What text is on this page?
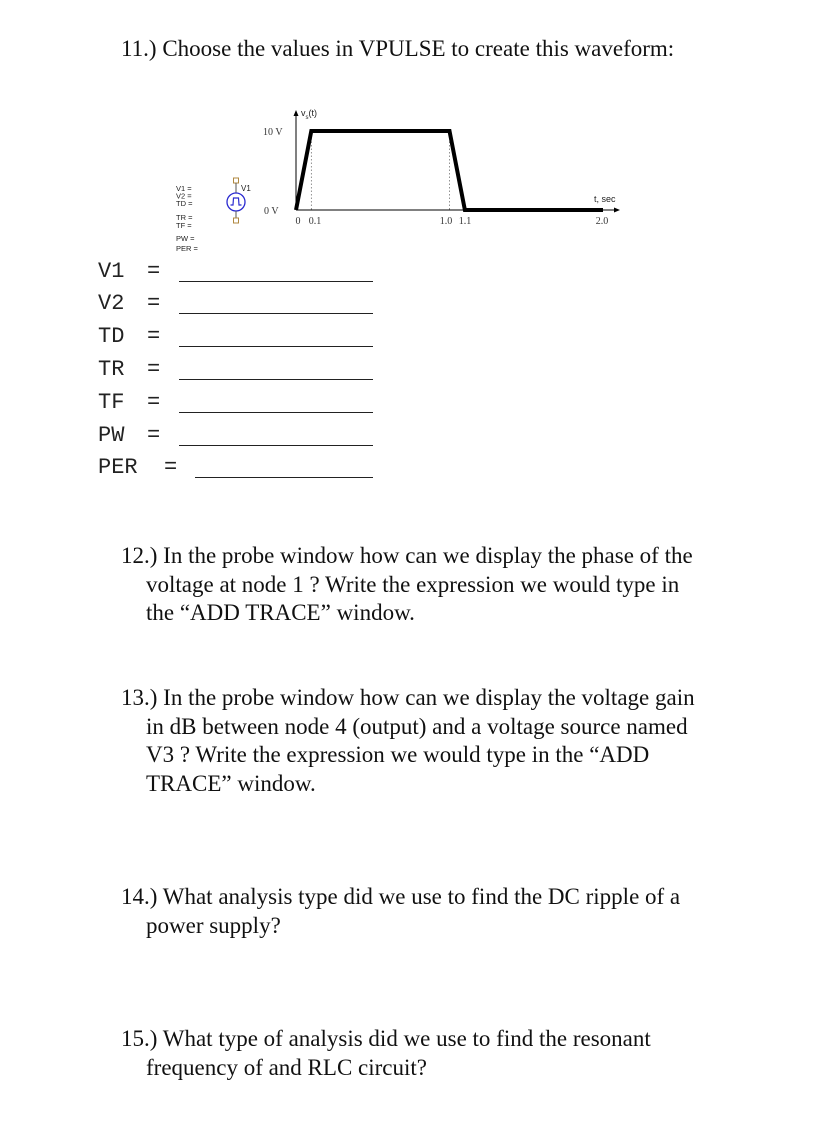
11.) Choose the values in VPULSE to create this waveform:

V1 =
V2 =
TD =
TR =
TF =
PW =
PER =
V1
$v_s(t)$
t, sec
10 V
0 V
0 0.1	1.0 1.1	2.0
V1 =
V2 =
TD =
TR =
TF =
PW =
PER =

12.) In the probe window how can we display the phase of the
voltage at node 1 ? Write the expression we would type in
the “ADD TRACE” window.

13.) In the probe window how can we display the voltage gain
in dB between node 4 (output) and a voltage source named
V3 ? Write the expression we would type in the “ADD
TRACE” window.

14.) What analysis type did we use to find the DC ripple of a
power supply?

15.) What type of analysis did we use to find the resonant
frequency of and RLC circuit?
